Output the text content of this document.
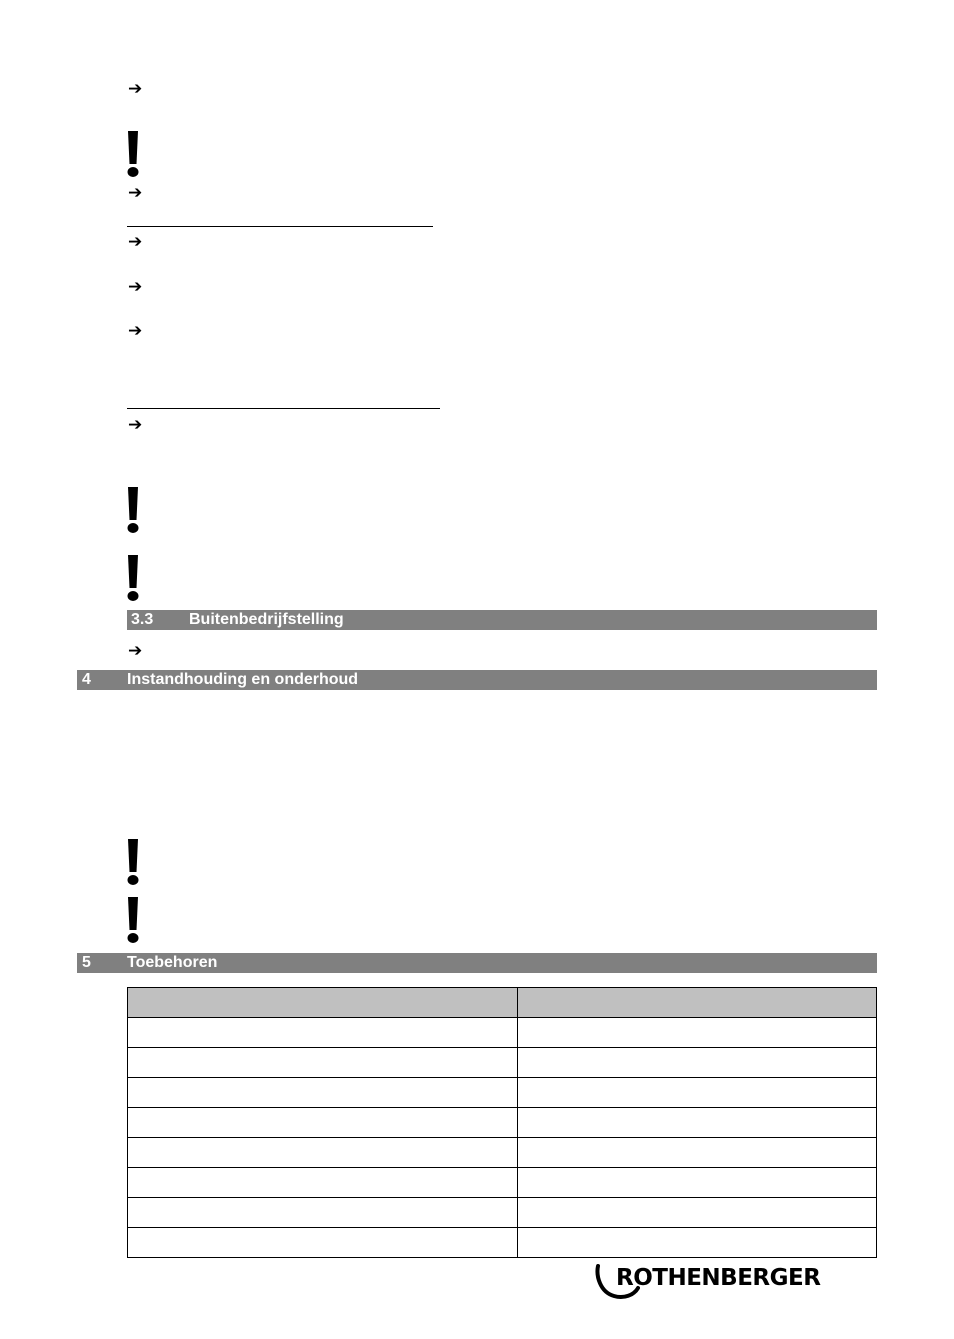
➔
➔
➔
➔
➔
➔
3.3 Buitenbedrijfstelling
➔
4 Instandhouding en onderhoud
5 Toebehoren

ROTHENBERGER
